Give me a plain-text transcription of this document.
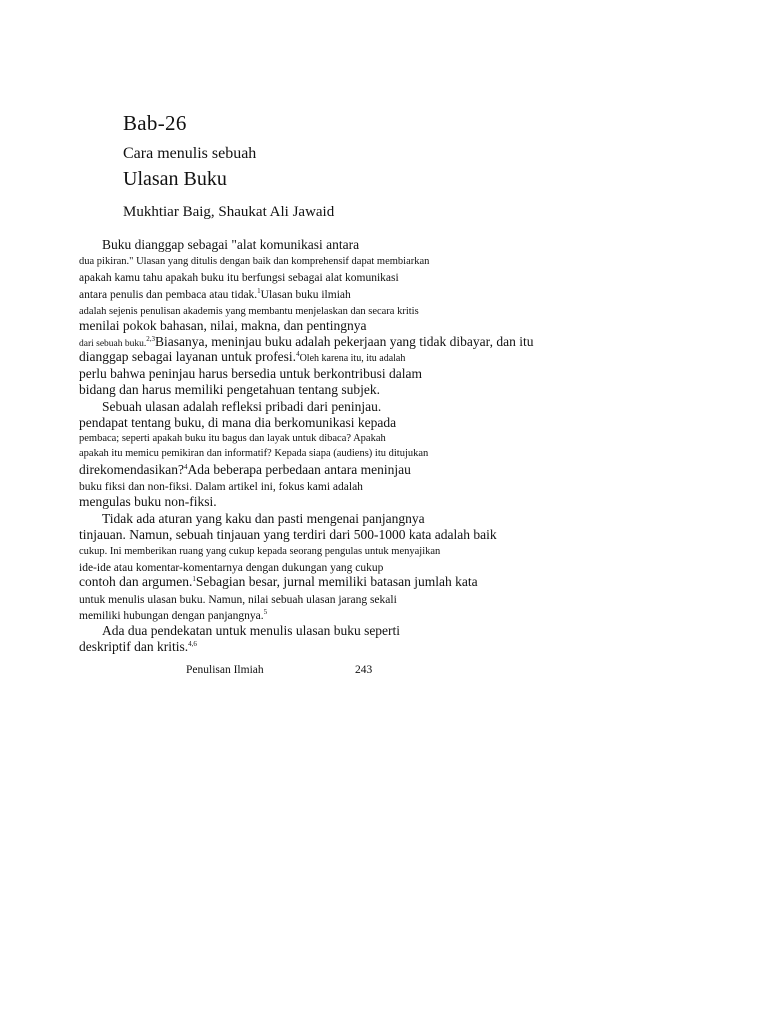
Bab-26
Cara menulis sebuah
Ulasan Buku
Mukhtiar Baig, Shaukat Ali Jawaid
Buku dianggap sebagai "alat komunikasi antara
dua pikiran." Ulasan yang ditulis dengan baik dan komprehensif dapat membiarkan
apakah kamu tahu apakah buku itu berfungsi sebagai alat komunikasi
antara penulis dan pembaca atau tidak.$^1$Ulasan buku ilmiah
adalah sejenis penulisan akademis yang membantu menjelaskan dan secara kritis
menilai pokok bahasan, nilai, makna, dan pentingnya
dari sebuah buku.$^{2,3}$Biasanya, meninjau buku adalah pekerjaan yang tidak dibayar, dan itu
dianggap sebagai layanan untuk profesi.$^4$Oleh karena itu, itu adalah
perlu bahwa peninjau harus bersedia untuk berkontribusi dalam
bidang dan harus memiliki pengetahuan tentang subjek.
Sebuah ulasan adalah refleksi pribadi dari peninjau.
pendapat tentang buku, di mana dia berkomunikasi kepada
pembaca; seperti apakah buku itu bagus dan layak untuk dibaca? Apakah
apakah itu memicu pemikiran dan informatif? Kepada siapa (audiens) itu ditujukan
direkomendasikan?$^4$Ada beberapa perbedaan antara meninjau
buku fiksi dan non-fiksi. Dalam artikel ini, fokus kami adalah
mengulas buku non-fiksi.
Tidak ada aturan yang kaku dan pasti mengenai panjangnya
tinjauan. Namun, sebuah tinjauan yang terdiri dari 500-1000 kata adalah baik
cukup. Ini memberikan ruang yang cukup kepada seorang pengulas untuk menyajikan
ide-ide atau komentar-komentarnya dengan dukungan yang cukup
contoh dan argumen.$^1$Sebagian besar, jurnal memiliki batasan jumlah kata
untuk menulis ulasan buku. Namun, nilai sebuah ulasan jarang sekali
memiliki hubungan dengan panjangnya.$^5$
Ada dua pendekatan untuk menulis ulasan buku seperti
deskriptif dan kritis.$^{4,6}$
Penulisan Ilmiah	243
